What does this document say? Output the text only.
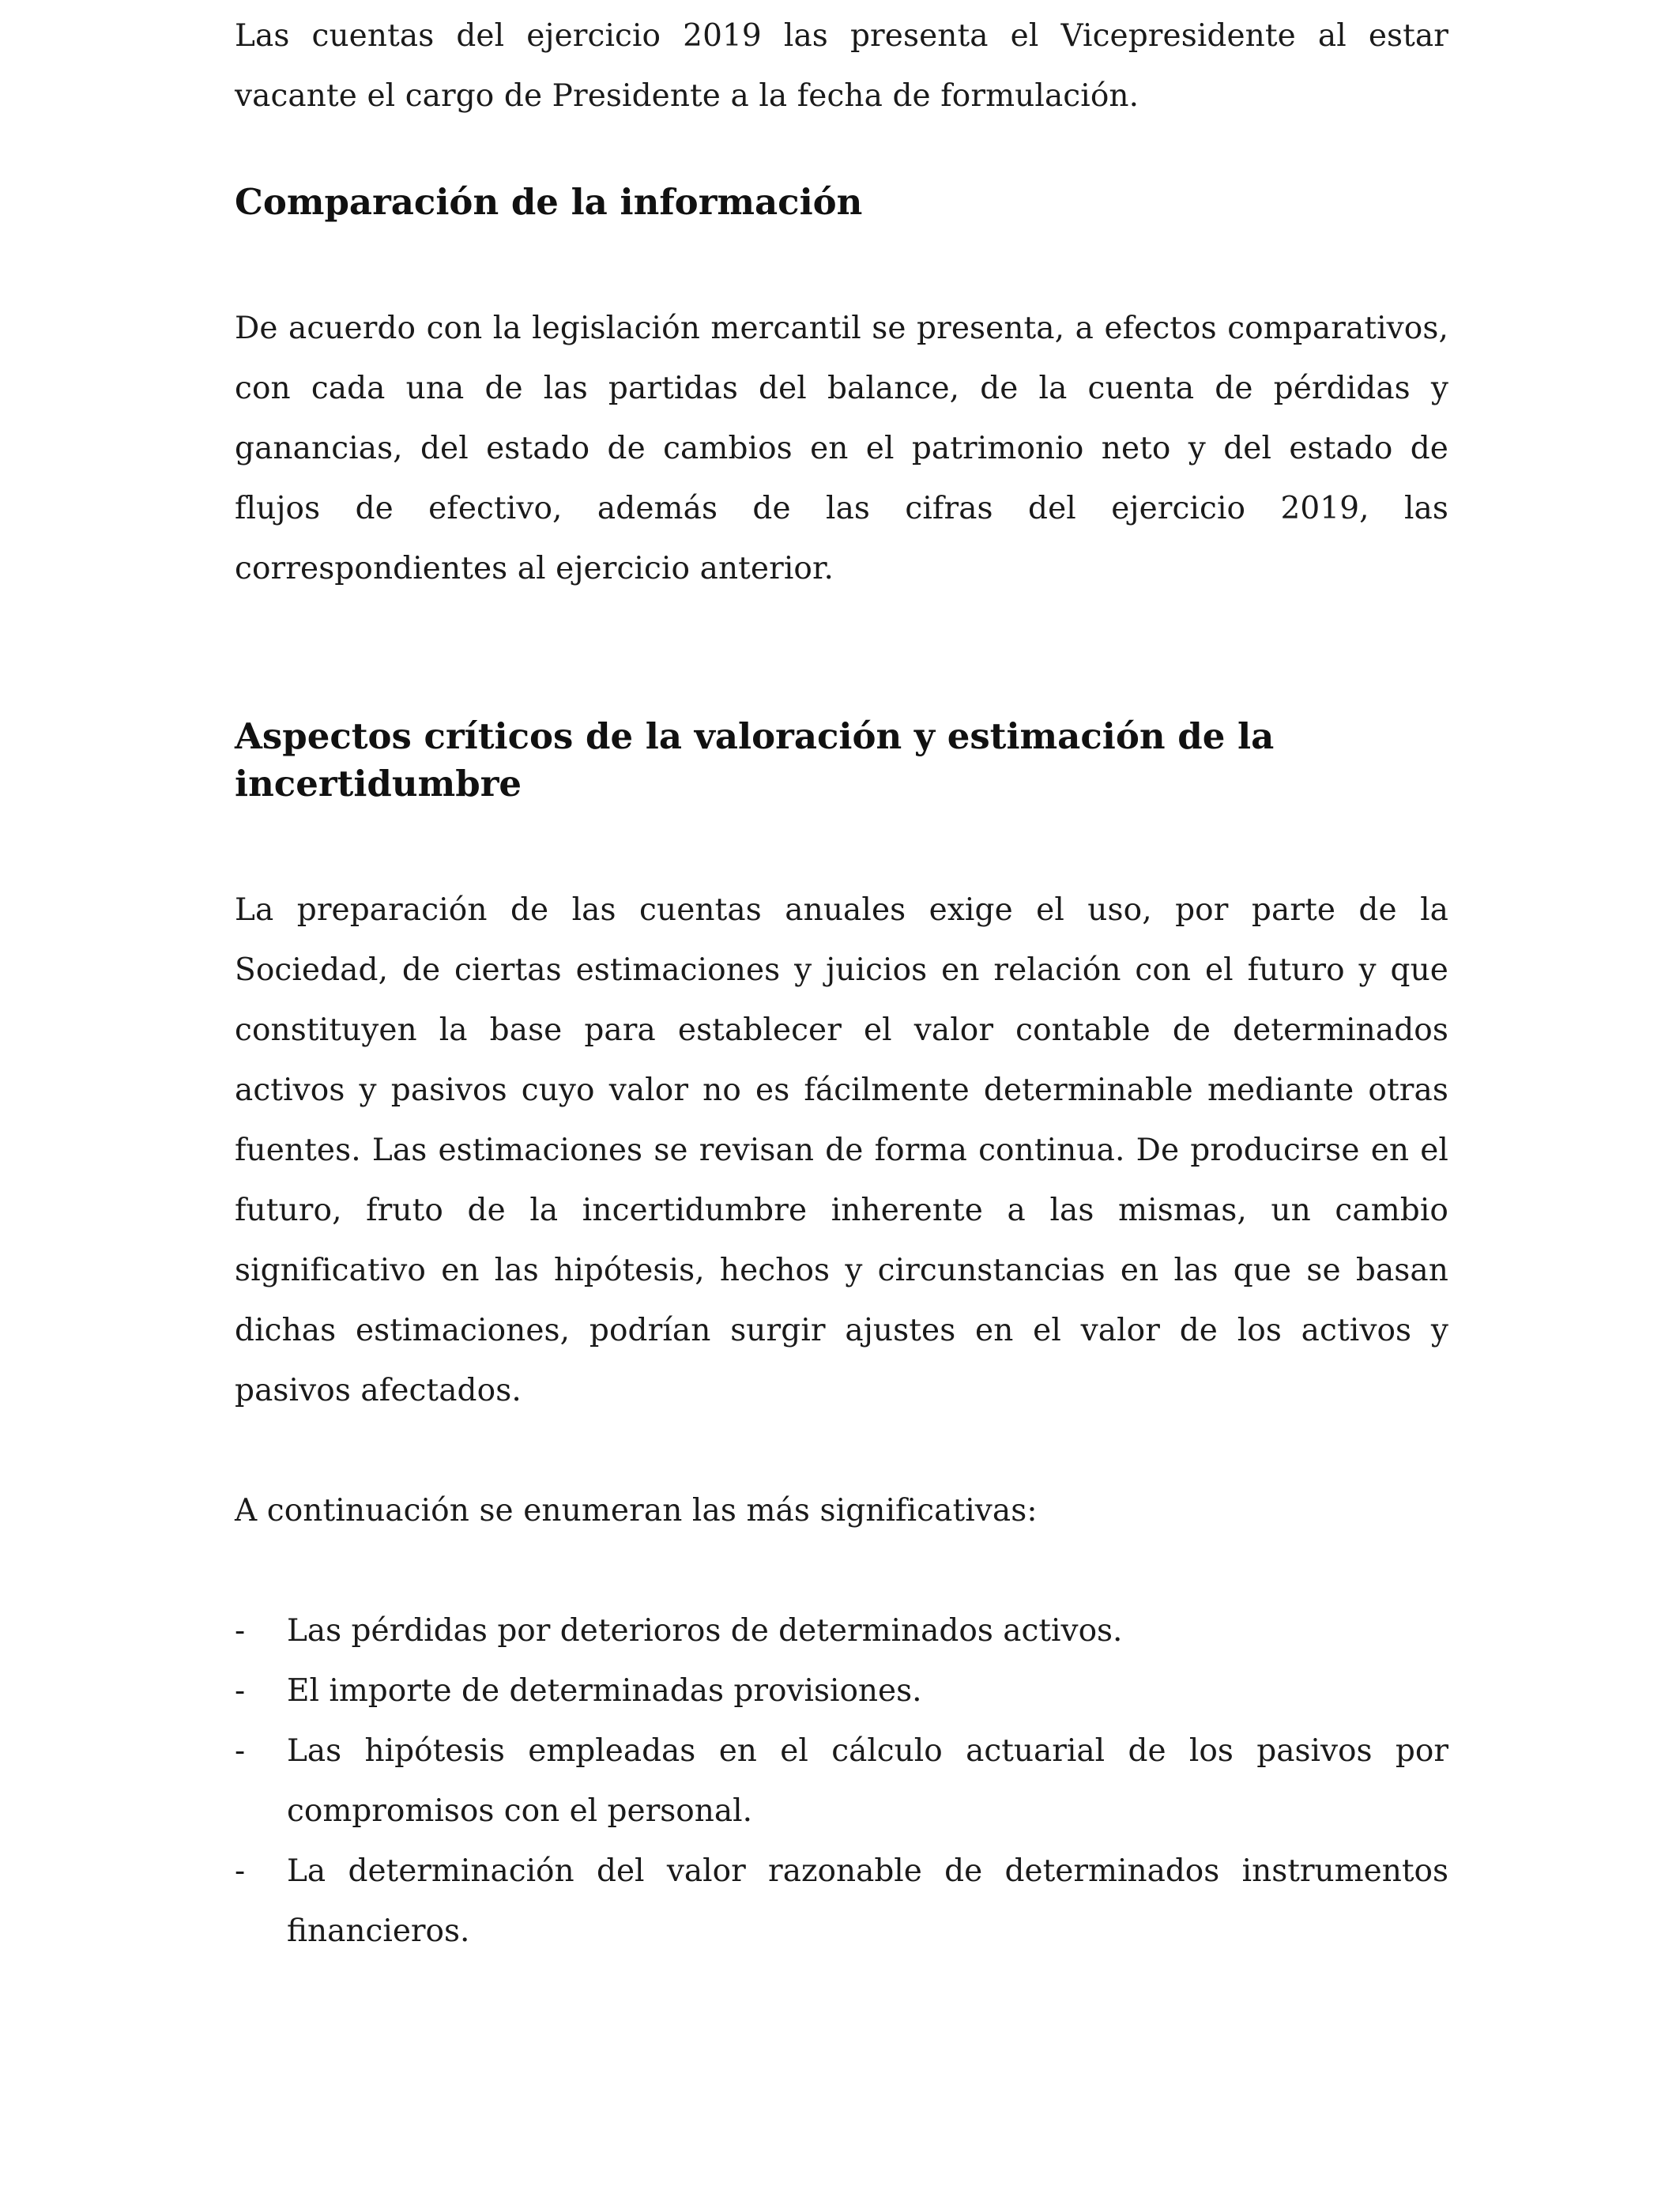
Las cuentas del ejercicio 2019 las presenta el Vicepresidente al estar vacante el cargo de Presidente a la fecha de formulación.

Comparación de la información

De acuerdo con la legislación mercantil se presenta, a efectos comparativos, con cada una de las partidas del balance, de la cuenta de pérdidas y ganancias, del estado de cambios en el patrimonio neto y del estado de flujos de efectivo, además de las cifras del ejercicio 2019, las correspondientes al ejercicio anterior.

Aspectos críticos de la valoración y estimación de la incertidumbre

La preparación de las cuentas anuales exige el uso, por parte de la Sociedad, de ciertas estimaciones y juicios en relación con el futuro y que constituyen la base para establecer el valor contable de determinados activos y pasivos cuyo valor no es fácilmente determinable mediante otras fuentes. Las estimaciones se revisan de forma continua. De producirse en el futuro, fruto de la incertidumbre inherente a las mismas, un cambio significativo en las hipótesis, hechos y circunstancias en las que se basan dichas estimaciones, podrían surgir ajustes en el valor de los activos y pasivos afectados.

A continuación se enumeran las más significativas:

- Las pérdidas por deterioros de determinados activos.
- El importe de determinadas provisiones.
- Las hipótesis empleadas en el cálculo actuarial de los pasivos por compromisos con el personal.
- La determinación del valor razonable de determinados instrumentos financieros.
